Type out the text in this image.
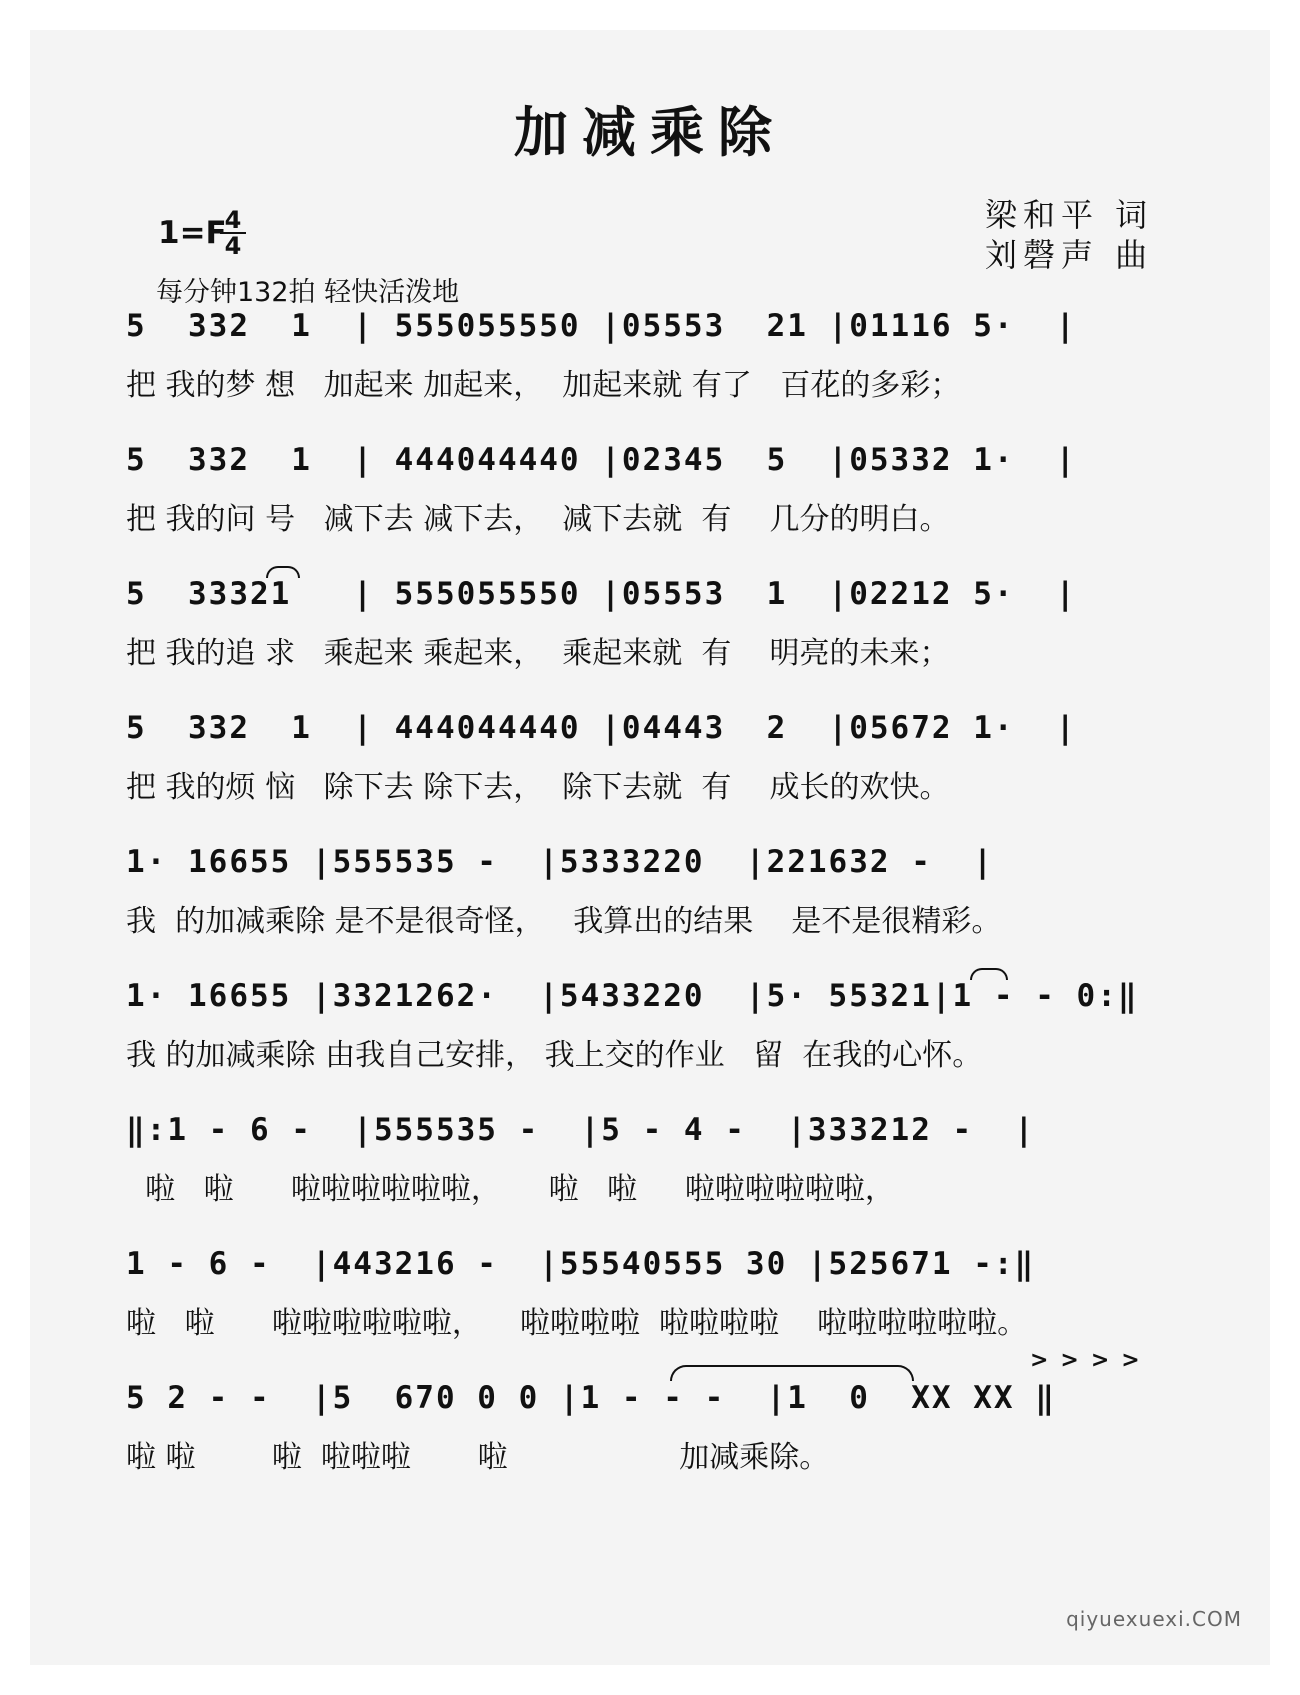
加减乘除
1=F
4
4
每分钟132拍 轻快活泼地
梁和平 词
刘磬声 曲
5  332  1  | 555055550 |05553  21 |01116 5·  |
把 我的梦 想   加起来 加起来，  加起来就 有了   百花的多彩；
5  332  1  | 444044440 |02345  5  |05332 1·  |
把 我的问 号   减下去 减下去，  减下去就  有    几分的明白。
5  33321   | 555055550 |05553  1  |02212 5·  |
把 我的追 求   乘起来 乘起来，  乘起来就  有    明亮的未来；
5  332  1  | 444044440 |04443  2  |05672 1·  |
把 我的烦 恼   除下去 除下去，  除下去就  有    成长的欢快。
1· 16655 |555535 -  |5333220  |221632 -  |
我  的加减乘除 是不是很奇怪，   我算出的结果    是不是很精彩。
1· 16655 |3321262·  |5433220  |5· 55321|1 - - 0:‖
我 的加减乘除 由我自己安排， 我上交的作业   留  在我的心怀。
‖:1 - 6 -  |555535 -  |5 - 4 -  |333212 -  |
啦   啦      啦啦啦啦啦啦，     啦   啦     啦啦啦啦啦啦，
1 - 6 -  |443216 -  |55540555 30 |525671 -:‖
啦   啦      啦啦啦啦啦啦，    啦啦啦啦  啦啦啦啦    啦啦啦啦啦啦。
5 2 - -  |5  670 0 0 |1 - - -  |1  0  XX XX ‖
啦 啦        啦  啦啦啦       啦                  加减乘除。
>>>>
qiyuexuexi.COM
